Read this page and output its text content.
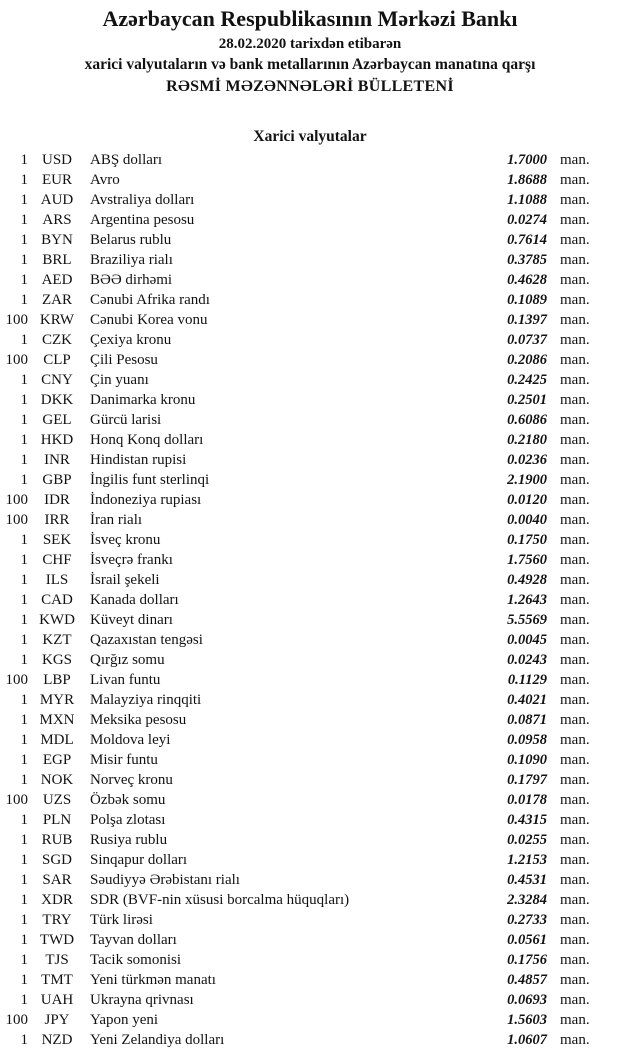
Azərbaycan Respublikasının Mərkəzi Bankı
28.02.2020 tarixdən etibarən
xarici valyutaların və bank metallarının Azərbaycan manatına qarşı
RƏSMİ MƏZƏNNƏLƏRİ BÜLLETENİ
Xarici valyutalar
1 USD	ABŞ dolları	1.7000 man.
1 EUR	Avro	1.8688 man.
1 AUD	Avstraliya dolları	1.1088 man.
1 ARS	Argentina pesosu	0.0274 man.
1 BYN	Belarus rublu	0.7614 man.
1 BRL	Braziliya rialı	0.3785 man.
1 AED	BƏƏ dirhəmi	0.4628 man.
1 ZAR	Cənubi Afrika randı	0.1089 man.
100 KRW	Cənubi Korea vonu	0.1397 man.
1 CZK	Çexiya kronu	0.0737 man.
100	CLP	Çili Pesosu	0.2086 man.
1 CNY	Çin yuanı	0.2425 man.
1 DKK	Danimarka kronu	0.2501 man.
1 GEL	Gürcü larisi	0.6086 man.
1 HKD	Honq Konq dolları	0.2180 man.
1	INR	Hindistan rupisi	0.0236 man.
1 GBP	İngilis funt sterlinqi	2.1900 man.
100	IDR	İndoneziya rupiası	0.0120 man.
100	IRR	İran rialı	0.0040 man.
1 SEK	İsveç kronu	0.1750 man.
1 CHF	İsveçrə frankı	1.7560 man.
1	ILS	İsrail şekeli	0.4928 man.
1 CAD	Kanada dolları	1.2643 man.
1 KWD	Küveyt dinarı	5.5569 man.
1 KZT	Qazaxıstan tengəsi	0.0045 man.
1 KGS	Qırğız somu	0.0243 man.
100	LBP	Livan funtu	0.1129 man.
1 MYR	Malayziya rinqqiti	0.4021 man.
1 MXN	Meksika pesosu	0.0871 man.
1 MDL	Moldova leyi	0.0958 man.
1 EGP	Misir funtu	0.1090 man.
1 NOK	Norveç kronu	0.1797 man.
100 UZS	Özbək somu	0.0178 man.
1 PLN	Polşa zlotası	0.4315 man.
1 RUB	Rusiya rublu	0.0255 man.
1 SGD	Sinqapur dolları	1.2153 man.
1 SAR	Səudiyyə Ərəbistanı rialı	0.4531 man.
1 XDR	SDR (BVF-nin xüsusi borcalma hüquqları)	2.3284 man.
1 TRY	Türk lirəsi	0.2733 man.
1 TWD	Tayvan dolları	0.0561 man.
1	TJS	Tacik somonisi	0.1756 man.
1 TMT	Yeni türkmən manatı	0.4857 man.
1 UAH	Ukrayna qrivnası	0.0693 man.
100	JPY	Yapon yeni	1.5603 man.
1 NZD	Yeni Zelandiya dolları	1.0607 man.
